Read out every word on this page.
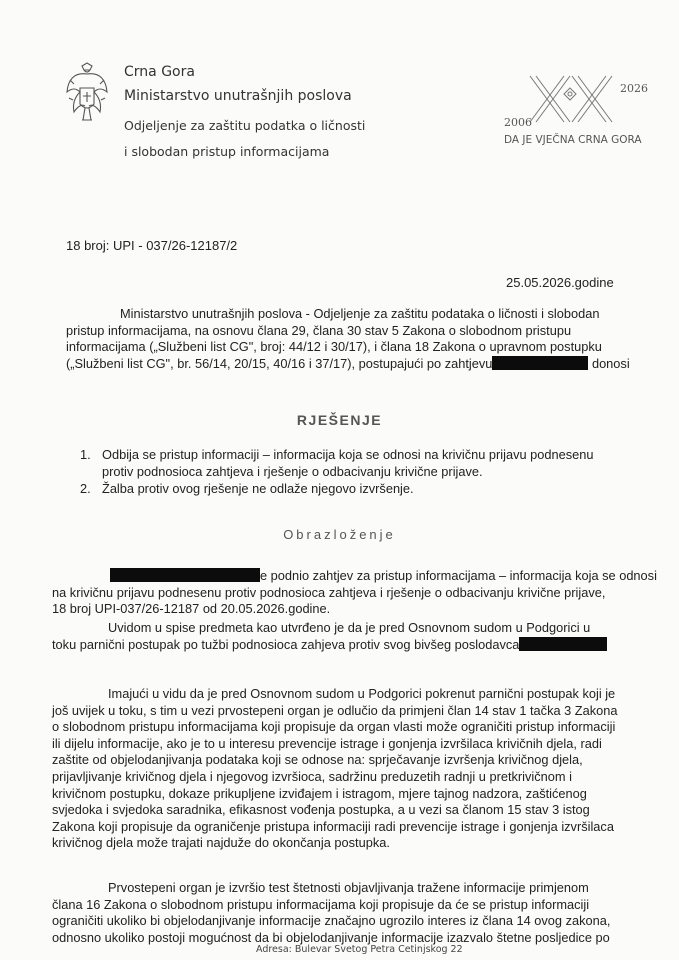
Crna Gora
Ministarstvo unutrašnjih poslova
Odjeljenje za zaštitu podatka o ličnosti
i slobodan pristup informacijama
2006
2026
DA JE VJEČNA CRNA GORA
18 broj: UPI - 037/26-12187/2
25.05.2026.godine
Ministarstvo unutrašnjih poslova - Odjeljenje za zaštitu podataka o ličnosti i slobodan
pristup informacijama, na osnovu člana 29, člana 30 stav 5 Zakona o slobodnom pristupu
informacijama („Službeni list CG", broj: 44/12 i 30/17), i člana 18 Zakona o upravnom postupku
(„Službeni list CG", br. 56/14, 20/15, 40/16 i 37/17), postupajući po zahtjevu	donosi
RJEŠENJE
1. Odbija se pristup informaciji – informacija koja se odnosi na krivičnu prijavu podnesenu
protiv podnosioca zahtjeva i rješenje o odbacivanju krivične prijave.
2. Žalba protiv ovog rješenje ne odlaže njegovo izvršenje.
Obrazloženje
e podnio zahtjev za pristup informacijama – informacija koja se odnosi
na krivičnu prijavu podnesenu protiv podnosioca zahtjeva i rješenje o odbacivanju krivične prijave,
18 broj UPI-037/26-12187 od 20.05.2026.godine.
Uvidom u spise predmeta kao utvrđeno je da je pred Osnovnom sudom u Podgorici u
toku parnični postupak po tužbi podnosioca zahjeva protiv svog bivšeg poslodavca
Imajući u vidu da je pred Osnovnom sudom u Podgorici pokrenut parnični postupak koji je
još uvijek u toku, s tim u vezi prvostepeni organ je odlučio da primjeni član 14 stav 1 tačka 3 Zakona
o slobodnom pristupu informacijama koji propisuje da organ vlasti može ograničiti pristup informaciji
ili dijelu informacije, ako je to u interesu prevencije istrage i gonjenja izvršilaca krivičnih djela, radi
zaštite od objelodanjivanja podataka koji se odnose na: sprječavanje izvršenja krivičnog djela,
prijavljivanje krivičnog djela i njegovog izvršioca, sadržinu preduzetih radnji u pretkrivičnom i
krivičnom postupku, dokaze prikupljene izviđajem i istragom, mjere tajnog nadzora, zaštićenog
svjedoka i svjedoka saradnika, efikasnost vođenja postupka, a u vezi sa članom 15 stav 3 istog
Zakona koji propisuje da ograničenje pristupa informaciji radi prevencije istrage i gonjenja izvršilaca
krivičnog djela može trajati najduže do okončanja postupka.
Prvostepeni organ je izvršio test štetnosti objavljivanja tražene informacije primjenom
člana 16 Zakona o slobodnom pristupu informacijama koji propisuje da će se pristup informaciji
ograničiti ukoliko bi objelodanjivanje informacije značajno ugrozilo interes iz člana 14 ovog zakona,
odnosno ukoliko postoji mogućnost da bi objelodanjivanje informacije izazvalo štetne posljedice po
Adresa: Bulevar Svetog Petra Cetinjskog 22
